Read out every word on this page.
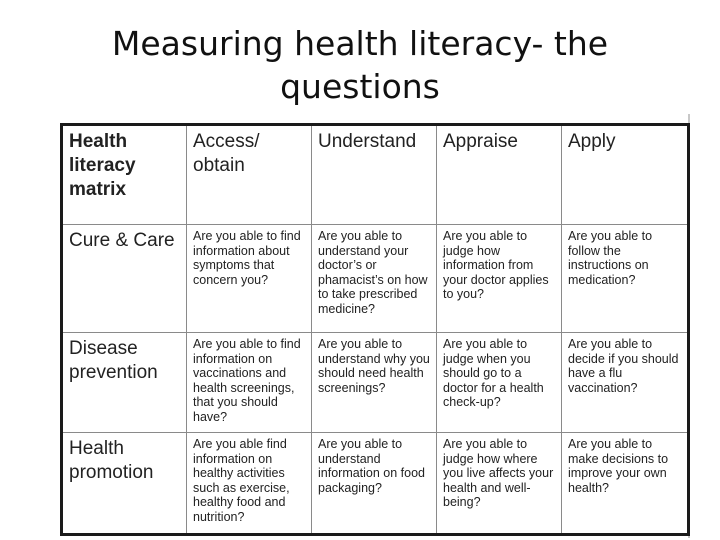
Measuring health literacy- the questions
Health literacy matrix	Access/ obtain	Understand	Appraise	Apply
Cure & Care	Are you able to find information about symptoms that concern you?	Are you able to understand your doctor’s or phamacist’s on how to take prescribed medicine?	Are you able to judge how information from your doctor applies to you?	Are you able to follow the instructions on medication?
Disease prevention	Are you able to find information on vaccinations and health screenings, that you should have?	Are you able to understand why you should need health screenings?	Are you able to judge when you should go to a doctor for a health check-up?	Are you able to decide if you should have a flu vaccination?
Health promotion	Are you able find information on healthy activities such as exercise, healthy food and nutrition?	Are you able to understand information on food packaging?	Are you able to judge how where you live affects your health and well-being?	Are you able to make decisions to improve your own health?
